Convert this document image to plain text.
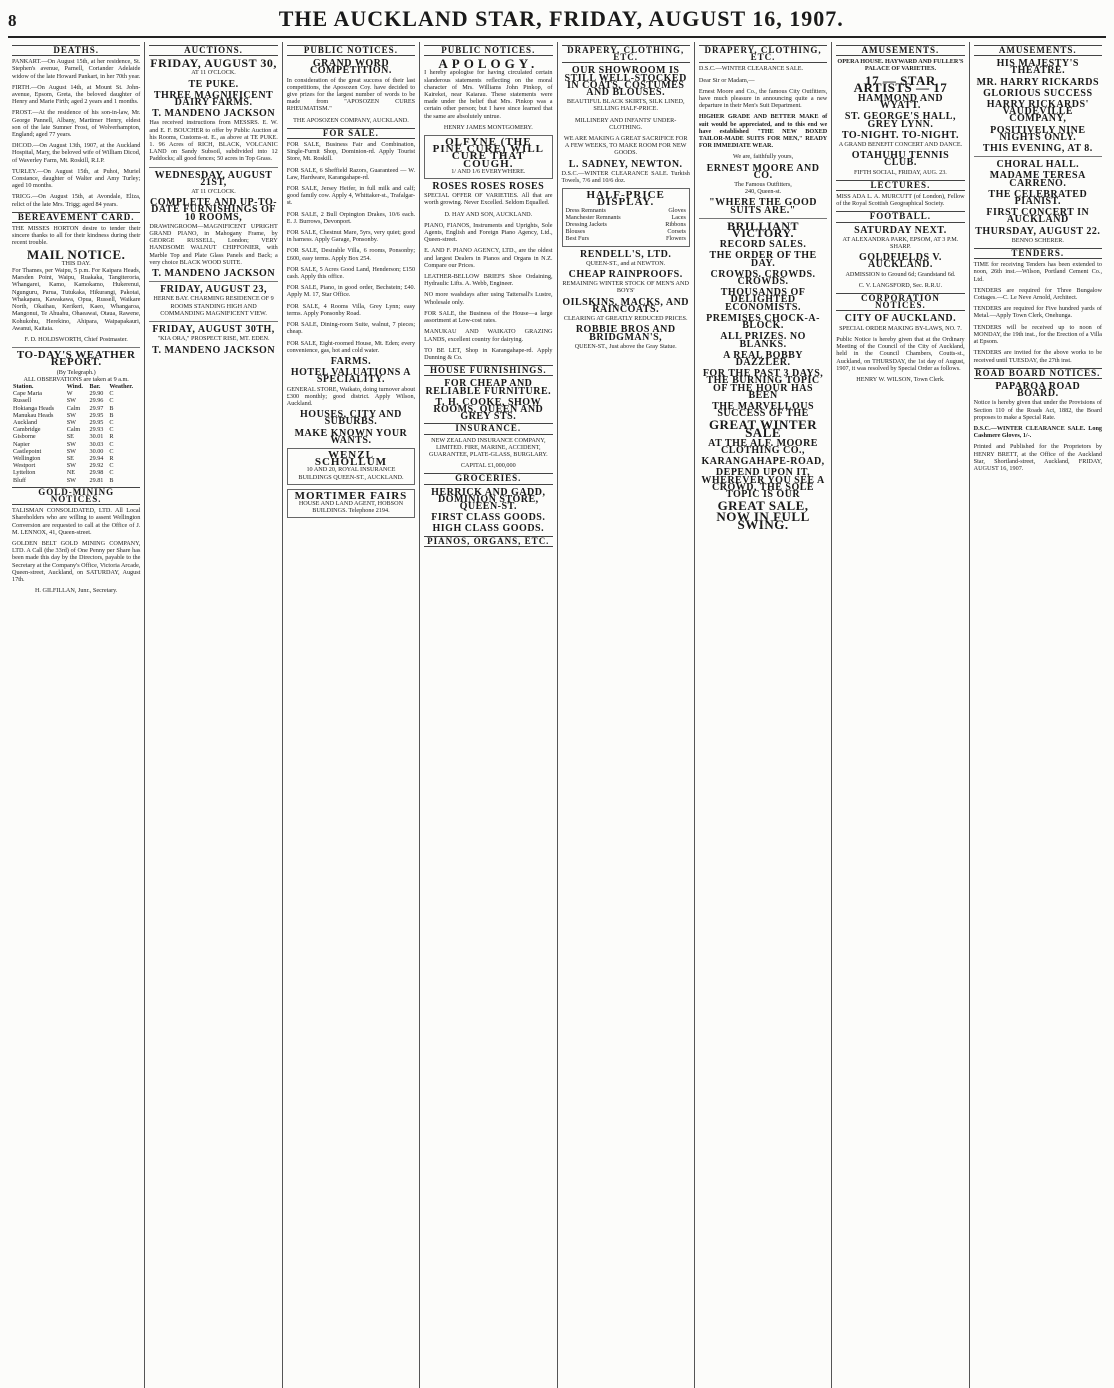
8	THE AUCKLAND STAR, FRIDAY, AUGUST 16, 1907.
DEATHS.
PANKART.—On August 15th, at her residence, St. Stephen's avenue, Parnell, Coriander Adelaide widow of the late Howard Pankart, in her 70th year.
FIRTH.—On August 14th, at Mount St. John-avenue, Epsom, Greta, the beloved daughter of Henry and Marie Firth; aged 2 years and 1 months.
FROST.—At the residence of his son-in-law, Mr. George Pannell, Albany, Martimer Henry, eldest son of the late Sumner Frost, of Wolverhampton, England; aged 77 years.
DICOD.—On August 13th, 1907, at the Auckland Hospital, Mary, the beloved wife of William Dicod, of Waverley Farm, Mt. Roskill, R.I.P.
TURLEY.—On August 15th, at Puhoi, Muriel Constance, daughter of Walter and Amy Turley; aged 10 months.
TRICG.—On August 15th, at Avondale, Eliza, relict of the late Mrs. Trigg; aged 84 years.
BEREAVEMENT CARD.
THE MISSES HORTON desire to tender their sincere thanks to all for their kindness during their recent trouble.
MAIL NOTICE.
THIS DAY.
For Thames, per Waipu, 5 p.m. For Kaipara Heads, Marsden Point, Waipu, Ruakaka, Tangiteroria, Whangarei, Kamo, Kamokamo, Hukerenui, Ngunguru, Parua, Tutukaka, Hikurangi, Pakotai, Whakapara, Kawakawa, Opua, Russell, Waikare North, Okaihau, Kerikeri, Kaeo, Whangaroa, Mangonui, Te Ahuahu, Ohaeawai, Otaua, Rawene, Kohukohu, Herekino, Ahipara, Waipapakauri, Awanui, Kaitaia.
F. D. HOLDSWORTH, Chief Postmaster.
TO-DAY'S WEATHER REPORT.
(By Telegraph.)
ALL OBSERVATIONS are taken at 9 a.m.
Station.	Wind.	Bar.	Weather.
Cape Maria	W	29.90	C
Russell	SW	29.96	C
Hokianga Heads	Calm	29.97	B
Manukau Heads	SW	29.95	B
Auckland	SW	29.95	C
Cambridge	Calm	29.93	C
Gisborne	SE	30.01	R
Napier	SW	30.03	C
Castlepoint	SW	30.00	C
Wellington	SE	29.94	R
Westport	SW	29.92	C
Lyttelton	NE	29.98	C
Bluff	SW	29.81	B
GOLD-MINING NOTICES.
TALISMAN CONSOLIDATED, LTD. All Local Shareholders who are willing to assent Wellington Conversion are requested to call at the Office of J. M. LENNOX, 41, Queen-street.
GOLDEN BELT GOLD MINING COMPANY, LTD. A Call (the 33rd) of One Penny per Share has been made this day by the Directors, payable to the Secretary at the Company's Office, Victoria Arcade, Queen-street, Auckland, on SATURDAY, August 17th.
H. GILFILLAN, Junr., Secretary.
AUCTIONS.
FRIDAY, AUGUST 30,
AT 11 O'CLOCK.
TE PUKE.
THREE MAGNIFICENT DAIRY FARMS.
T. MANDENO JACKSON
Has received instructions from MESSRS. E. W. and E. F. BOUCHER to offer by Public Auction at his Rooms, Customs-st. E., as above at TE PUKE. 1. 96 Acres of RICH, BLACK, VOLCANIC LAND on Sandy Subsoil, subdivided into 12 Paddocks; all good fences; 50 acres in Top Grass.
WEDNESDAY, AUGUST 21ST,
AT 11 O'CLOCK.
COMPLETE AND UP-TO-DATE FURNISHINGS OF 10 ROOMS,
DRAWINGROOM—MAGNIFICENT UPRIGHT GRAND PIANO, in Mahogany Frame, by GEORGE RUSSELL, London; VERY HANDSOME WALNUT CHIFFONIER, with Marble Top and Plate Glass Panels and Back; a very choice BLACK WOOD SUITE.
T. MANDENO JACKSON
FRIDAY, AUGUST 23,
HERNE BAY. CHARMING RESIDENCE OF 9 ROOMS STANDING HIGH AND COMMANDING MAGNIFICENT VIEW.
FRIDAY, AUGUST 30TH,
"KIA ORA," PROSPECT RISE, MT. EDEN.
T. MANDENO JACKSON
PUBLIC NOTICES.
GRAND WORD COMPETITION.
In consideration of the great success of their last competitions, the Aposozen Coy. have decided to give prizes for the largest number of words to be made from "APOSOZEN CURES RHEUMATISM."
THE APOSOZEN COMPANY, AUCKLAND.
FOR SALE.
FOR SALE, Business Fair and Combination, Single-Furnit Shop, Dominion-rd. Apply Tourist Store, Mt. Roskill.
FOR SALE, 6 Sheffield Razors, Guaranteed — W. Law, Hardware, Karangahape-rd.
FOR SALE, Jersey Heifer, in full milk and calf; good family cow. Apply 4, Whittaker-st., Trafalgar-st.
FOR SALE, 2 Bull Orpington Drakes, 10/6 each. E. J. Burrows, Devonport.
FOR SALE, Chestnut Mare, 5yrs, very quiet; good in harness. Apply Garage, Ponsonby.
FOR SALE, Desirable Villa, 6 rooms, Ponsonby; £600, easy terms. Apply Box 254.
FOR SALE, 5 Acres Good Land, Henderson; £150 cash. Apply this office.
FOR SALE, Piano, in good order, Bechstein; £40. Apply M. 17, Star Office.
FOR SALE, 4 Rooms Villa, Grey Lynn; easy terms. Apply Ponsonby Road.
FOR SALE, Dining-room Suite, walnut, 7 pieces; cheap.
FOR SALE, Eight-roomed House, Mt. Eden; every convenience, gas, hot and cold water.
FARMS.
HOTEL VALUATIONS A SPECIALITY.
GENERAL STORE, Waikato, doing turnover about £300 monthly; good district. Apply Wilson, Auckland.
HOUSES, CITY AND SUBURBS.
MAKE KNOWN YOUR WANTS.
WENZL SCHOLLUM
10 AND 20, ROYAL INSURANCE BUILDINGS QUEEN-ST., AUCKLAND.
MORTIMER FAIRS
HOUSE AND LAND AGENT, HOBSON BUILDINGS. Telephone 2194.
PUBLIC NOTICES.
APOLOGY.
I hereby apologise for having circulated certain slanderous statements reflecting on the moral character of Mrs. Williams John Pinkop, of Kairekei, near Kaiarau. These statements were made under the belief that Mrs. Pinkop was a certain other person; but I have since learned that the same are absolutely untrue.
HENRY JAMES MONTGOMERY.
OLFYNE (THE PINE CURE) WILL CURE THAT COUGH.
1/ AND 1/6 EVERYWHERE.
ROSES ROSES ROSES
SPECIAL OFFER OF VARIETIES. All that are worth growing. Never Excelled. Seldom Equalled.
D. HAY AND SON, AUCKLAND.
PIANO, FIANOS, Instruments and Uprights, Sole Agents, English and Foreign Piano Agency, Ltd., Queen-street.
E. AND F. PIANO AGENCY, LTD., are the oldest and largest Dealers in Pianos and Organs in N.Z. Compare our Prices.
LEATHER-BELLOW BRIEFS Shoe Ordaining, Hydraulic Lifts. A. Webb, Engineer.
NO more washdays after using Tattersall's Lustre, Wholesale only.
FOR SALE, the Business of the House—a large assortment at Low-cost rates.
MANUKAU AND WAIKATO GRAZING LANDS, excellent country for dairying.
TO BE LET, Shop in Karangahape-rd. Apply Dunning & Co.
HOUSE FURNISHINGS.
FOR CHEAP AND RELIABLE FURNITURE.
T. H. COOKE, SHOW ROOMS, QUEEN AND GREY STS.
INSURANCE.
NEW ZEALAND INSURANCE COMPANY, LIMITED. FIRE, MARINE, ACCIDENT, GUARANTEE, PLATE-GLASS, BURGLARY.
CAPITAL £1,000,000
GROCERIES.
HERRICK AND GADD, DOMINION STORE, QUEEN-ST.
FIRST CLASS GOODS.
HIGH CLASS GOODS.
PIANOS, ORGANS, ETC.
DRAPERY, CLOTHING, ETC.
OUR SHOWROOM IS STILL WELL-STOCKED IN COATS, COSTUMES AND BLOUSES.
BEAUTIFUL BLACK SKIRTS, SILK LINED, SELLING HALF-PRICE.
MILLINERY AND INFANTS' UNDER-CLOTHING.
WE ARE MAKING A GREAT SACRIFICE FOR A FEW WEEKS, TO MAKE ROOM FOR NEW GOODS.
L. SADNEY, NEWTON.
D.S.C.—WINTER CLEARANCE SALE. Turkish Towels, 7/6 and 10/6 doz.
HALF-PRICE DISPLAY.
Dress Remnants	Gloves
Manchester Remnants	Laces
Dressing Jackets	Ribbons
Blouses	Corsets
Best Furs	Flowers
RENDELL'S, LTD.
QUEEN-ST., and at NEWTON.
CHEAP RAINPROOFS.
REMAINING WINTER STOCK OF MEN'S AND BOYS'
OILSKINS, MACKS, AND RAINCOATS.
CLEARING AT GREATLY REDUCED PRICES.
ROBBIE BROS AND BRIDGMAN'S,
QUEEN-ST., Just above the Gray Statue.
DRAPERY, CLOTHING, ETC.
D.S.C.—WINTER CLEARANCE SALE.
Dear Sir or Madam,—
Ernest Moore and Co., the famous City Outfitters, have much pleasure in announcing quite a new departure in their Men's Suit Department.
HIGHER GRADE AND BETTER MAKE of suit would be appreciated, and to this end we have established "THE NEW BOXED TAILOR-MADE SUITS FOR MEN," READY FOR IMMEDIATE WEAR.
We are, faithfully yours,
ERNEST MOORE AND CO.
The Famous Outfitters,
240, Queen-st.
"WHERE THE GOOD SUITS ARE."
BRILLIANT VICTORY.
RECORD SALES.
THE ORDER OF THE DAY.
CROWDS. CROWDS. CROWDS.
THOUSANDS OF DELIGHTED ECONOMISTS.
PREMISES CHOCK-A-BLOCK.
ALL PRIZES. NO BLANKS.
A REAL BOBBY DAZZLER.
FOR THE PAST 3 DAYS, THE BURNING TOPIC OF THE HOUR HAS BEEN
THE MARVELLOUS SUCCESS OF THE
GREAT WINTER SALE
AT THE ALF. MOORE CLOTHING CO.,
KARANGAHAPE-ROAD,
DEPEND UPON IT, WHEREVER YOU SEE A CROWD, THE SOLE TOPIC IS OUR
GREAT SALE,
NOW IN FULL SWING.
AMUSEMENTS.
OPERA HOUSE. HAYWARD AND FULLER'S PALACE OF VARIETIES.
17 — STAR ARTISTS — 17
HAMMOND AND WYATT.
ST. GEORGE'S HALL, GREY LYNN.
TO-NIGHT. TO-NIGHT.
A GRAND BENEFIT CONCERT AND DANCE.
OTAHUHU TENNIS CLUB.
FIFTH SOCIAL, FRIDAY, AUG. 23.
LECTURES.
MISS ADA L. A. MURCUTT (of London), Fellow of the Royal Scottish Geographical Society.
FOOTBALL.
SATURDAY NEXT.
AT ALEXANDRA PARK, EPSOM, AT 3 P.M. SHARP.
GOLDFIELDS V. AUCKLAND.
ADMISSION to Ground 6d; Grandstand 6d.
C. V. LANGSFORD, Sec. R.R.U.
CORPORATION NOTICES.
CITY OF AUCKLAND.
SPECIAL ORDER MAKING BY-LAWS, NO. 7.
Public Notice is hereby given that at the Ordinary Meeting of the Council of the City of Auckland, held in the Council Chambers, Coutts-st., Auckland, on THURSDAY, the 1st day of August, 1907, it was resolved by Special Order as follows.
HENRY W. WILSON, Town Clerk.
AMUSEMENTS.
HIS MAJESTY'S THEATRE.
MR. HARRY RICKARDS
GLORIOUS SUCCESS
HARRY RICKARDS' VAUDEVILLE COMPANY,
POSITIVELY NINE NIGHTS ONLY.
THIS EVENING, AT 8.
CHORAL HALL.
MADAME TERESA CARRENO.
THE CELEBRATED PIANIST.
FIRST CONCERT IN AUCKLAND
THURSDAY, AUGUST 22.
BENNO SCHERER.
TENDERS.
TIME for receiving Tenders has been extended to noon, 26th inst.—Wilson, Portland Cement Co., Ltd.
TENDERS are required for Three Bungalow Cottages.—C. Le Neve Arnold, Architect.
TENDERS are required for Five hundred yards of Metal.—Apply Town Clerk, Onehunga.
TENDERS will be received up to noon of MONDAY, the 19th inst., for the Erection of a Villa at Epsom.
TENDERS are invited for the above works to be received until TUESDAY, the 27th inst.
ROAD BOARD NOTICES.
PAPAROA ROAD BOARD.
Notice is hereby given that under the Provisions of Section 110 of the Roads Act, 1882, the Board proposes to make a Special Rate.
D.S.C.—WINTER CLEARANCE SALE. Long Cashmere Gloves, 1/-.
Printed and Published for the Proprietors by HENRY BRETT, at the Office of the Auckland Star, Shortland-street, Auckland, FRIDAY, AUGUST 16, 1907.
